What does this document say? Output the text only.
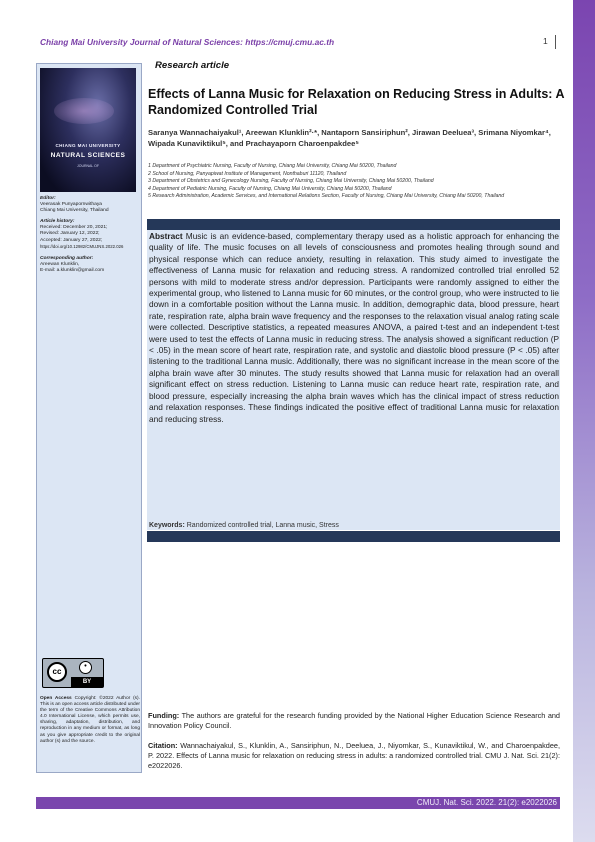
Chiang Mai University Journal of Natural Sciences: https://cmuj.cmu.ac.th	1
CHIANG MAI UNIVERSITY
NATURAL SCIENCES
JOURNAL OF
Editor:
Veerasak Punyapornwithaya
Chiang Mai University, Thailand
Article history:
Received: December 20, 2021;
Revised: January 12, 2022;
Accepted: January 27, 2022;
https://doi.org/10.12982/CMUJNS.2022.026
Corresponding author:
Areewan Klunklin,
E-mail: a.klunklin@gmail.com
cc
•
BY
Open Access Copyright: ©2022 Author (s). This is an open access article distributed under the term of the Creative Commons Attribution 4.0 International License, which permits use, sharing, adaptation, distribution, and reproduction in any medium or format, as long as you give appropriate credit to the original author (s) and the source.
Research article
Effects of Lanna Music for Relaxation on Reducing Stress in Adults: A Randomized Controlled Trial
Saranya Wannachaiyakul¹, Areewan Klunklin²·*, Nantaporn Sansiriphun², Jirawan Deeluea³, Srimana Niyomkar⁴, Wipada Kunaviktikul⁵, and Prachayaporn Charoenpakdee⁵
1 Department of Psychiatric Nursing, Faculty of Nursing, Chiang Mai University, Chiang Mai 50200, Thailand
2 School of Nursing, Panyapiwat Institute of Management, Nonthaburi 11120, Thailand
3 Department of Obstetrics and Gynecology Nursing, Faculty of Nursing, Chiang Mai University, Chiang Mai 50200, Thailand
4 Department of Pediatric Nursing, Faculty of Nursing, Chiang Mai University, Chiang Mai 50200, Thailand
5 Research Administration, Academic Services, and International Relations Section, Faculty of Nursing, Chiang Mai University, Chiang Mai 50200, Thailand
Abstract Music is an evidence-based, complementary therapy used as a holistic approach for enhancing the quality of life. The music focuses on all levels of consciousness and promotes healing through sound and physical response which can reduce anxiety, resulting in relaxation. This study aimed to investigate the effectiveness of Lanna music for relaxation and reducing stress. A randomized controlled trial enrolled 52 persons with mild to moderate stress and/or depression. Participants were randomly assigned to either the experimental group, who listened to Lanna music for 60 minutes, or the control group, who were instructed to lie down in a comfortable position without the Lanna music. In addition, demographic data, blood pressure, heart rate, respiration rate, alpha brain wave frequency and the responses to the relaxation visual analog rating scale were collected. Descriptive statistics, a repeated measures ANOVA, a paired t-test and an independent t-test were used to test the effects of Lanna music in reducing stress. The analysis showed a significant reduction (P < .05) in the mean score of heart rate, respiration rate, and systolic and diastolic blood pressure (P < .05) after listening to the traditional Lanna music. Additionally, there was no significant increase in the mean score of the alpha brain wave after 30 minutes. The study results showed that Lanna music for relaxation had an overall significant effect on stress reduction. Listening to Lanna music can reduce heart rate, respiration rate, and blood pressure, especially increasing the alpha brain waves which has the clinical impact of stress reduction and relaxation responses. These findings indicated the positive effect of traditional Lanna music for relaxation and reducing stress.
Keywords: Randomized controlled trial, Lanna music, Stress
Funding: The authors are grateful for the research funding provided by the National Higher Education Science Research and Innovation Policy Council.
Citation: Wannachaiyakul, S., Klunklin, A., Sansiriphun, N., Deeluea, J., Niyomkar, S., Kunaviktikul, W., and Charoenpakdee, P. 2022. Effects of Lanna music for relaxation on reducing stress in adults: a randomized controlled trial. CMU J. Nat. Sci. 21(2): e2022026.
CMUJ. Nat. Sci. 2022. 21(2): e2022026
